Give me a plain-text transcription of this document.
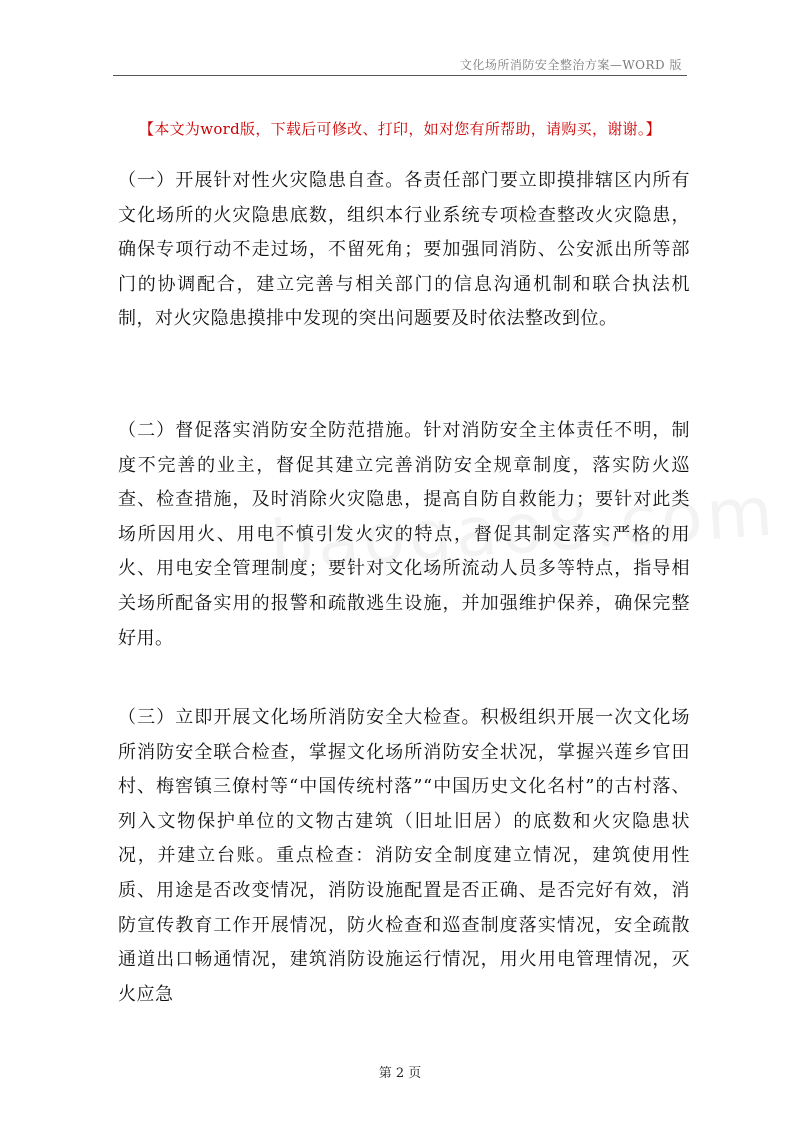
文化场所消防安全整治方案—WORD 版
【本文为word版，下载后可修改、打印，如对您有所帮助，请购买，谢谢。】
（一）开展针对性火灾隐患自查。各责任部门要立即摸排辖区内所有文化场所的火灾隐患底数，组织本行业系统专项检查整改火灾隐患，确保专项行动不走过场，不留死角；要加强同消防、公安派出所等部门的协调配合，建立完善与相关部门的信息沟通机制和联合执法机制，对火灾隐患摸排中发现的突出问题要及时依法整改到位。
（二）督促落实消防安全防范措施。针对消防安全主体责任不明，制度不完善的业主，督促其建立完善消防安全规章制度，落实防火巡查、检查措施，及时消除火灾隐患，提高自防自救能力；要针对此类场所因用火、用电不慎引发火灾的特点，督促其制定落实严格的用火、用电安全管理制度；要针对文化场所流动人员多等特点，指导相关场所配备实用的报警和疏散逃生设施，并加强维护保养，确保完整好用。
（三）立即开展文化场所消防安全大检查。积极组织开展一次文化场所消防安全联合检查，掌握文化场所消防安全状况，掌握兴莲乡官田村、梅窖镇三僚村等“中国传统村落”“中国历史文化名村”的古村落、列入文物保护单位的文物古建筑（旧址旧居）的底数和火灾隐患状况，并建立台账。重点检查：消防安全制度建立情况，建筑使用性质、用途是否改变情况，消防设施配置是否正确、是否完好有效，消防宣传教育工作开展情况，防火检查和巡查制度落实情况，安全疏散通道出口畅通情况，建筑消防设施运行情况，用火用电管理情况，灭火应急
第 2 页
